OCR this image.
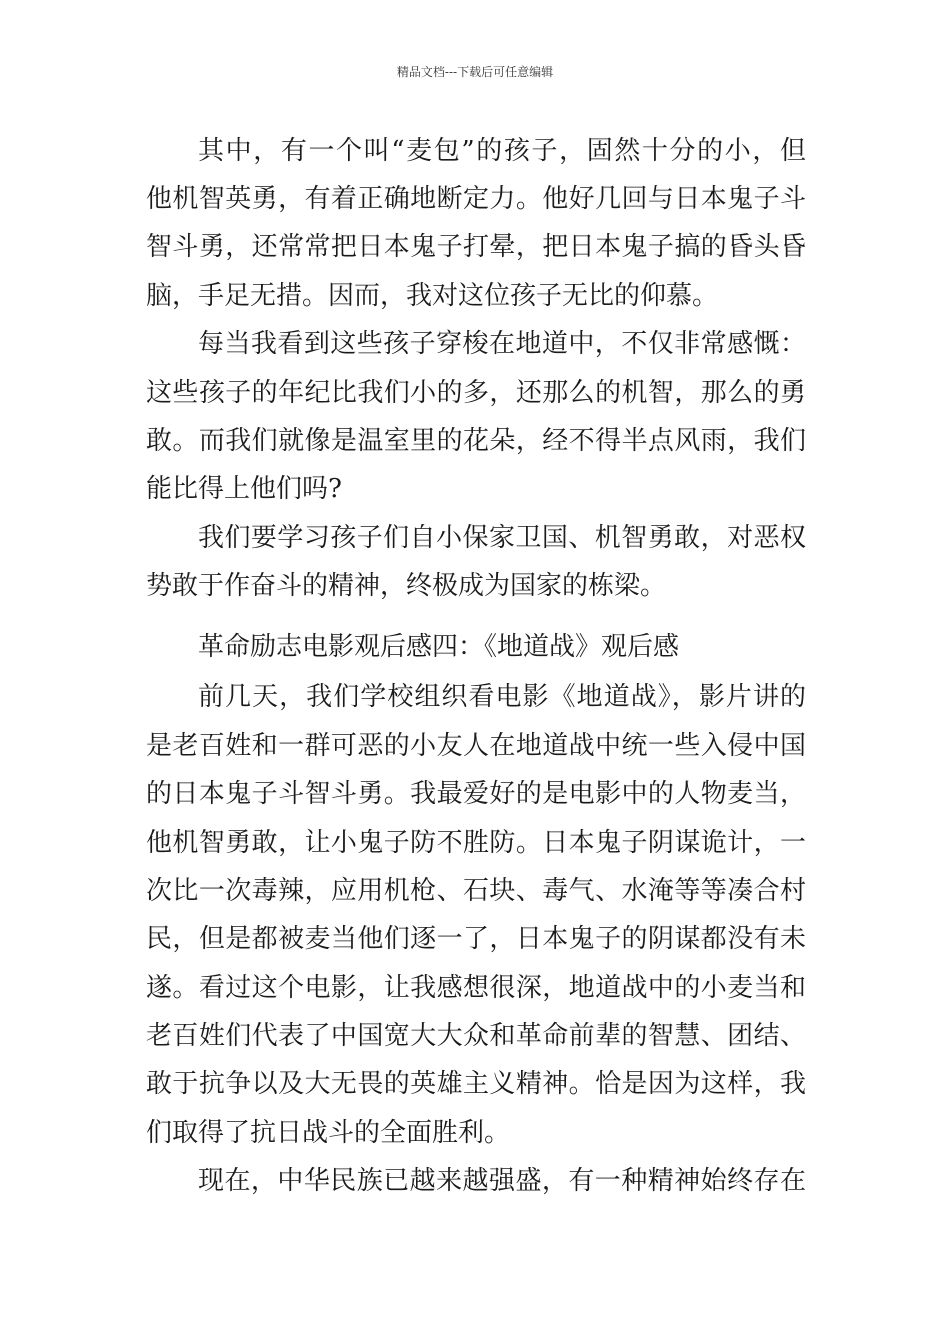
精品文档---下载后可任意编辑
其中，有一个叫“麦包”的孩子，固然十分的小，但
他机智英勇，有着正确地断定力。他好几回与日本鬼子斗
智斗勇，还常常把日本鬼子打晕，把日本鬼子搞的昏头昏
脑，手足无措。因而，我对这位孩子无比的仰慕。
每当我看到这些孩子穿梭在地道中，不仅非常感慨：
这些孩子的年纪比我们小的多，还那么的机智，那么的勇
敢。而我们就像是温室里的花朵，经不得半点风雨，我们
能比得上他们吗?
我们要学习孩子们自小保家卫国、机智勇敢，对恶权
势敢于作奋斗的精神，终极成为国家的栋梁。
革命励志电影观后感四：《地道战》观后感
前几天，我们学校组织看电影《地道战》，影片讲的
是老百姓和一群可恶的小友人在地道战中统一些入侵中国
的日本鬼子斗智斗勇。我最爱好的是电影中的人物麦当，
他机智勇敢，让小鬼子防不胜防。日本鬼子阴谋诡计，一
次比一次毒辣，应用机枪、石块、毒气、水淹等等凑合村
民，但是都被麦当他们逐一了，日本鬼子的阴谋都没有未
遂。看过这个电影，让我感想很深，地道战中的小麦当和
老百姓们代表了中国宽大大众和革命前辈的智慧、团结、
敢于抗争以及大无畏的英雄主义精神。恰是因为这样，我
们取得了抗日战斗的全面胜利。
现在，中华民族已越来越强盛，有一种精神始终存在
